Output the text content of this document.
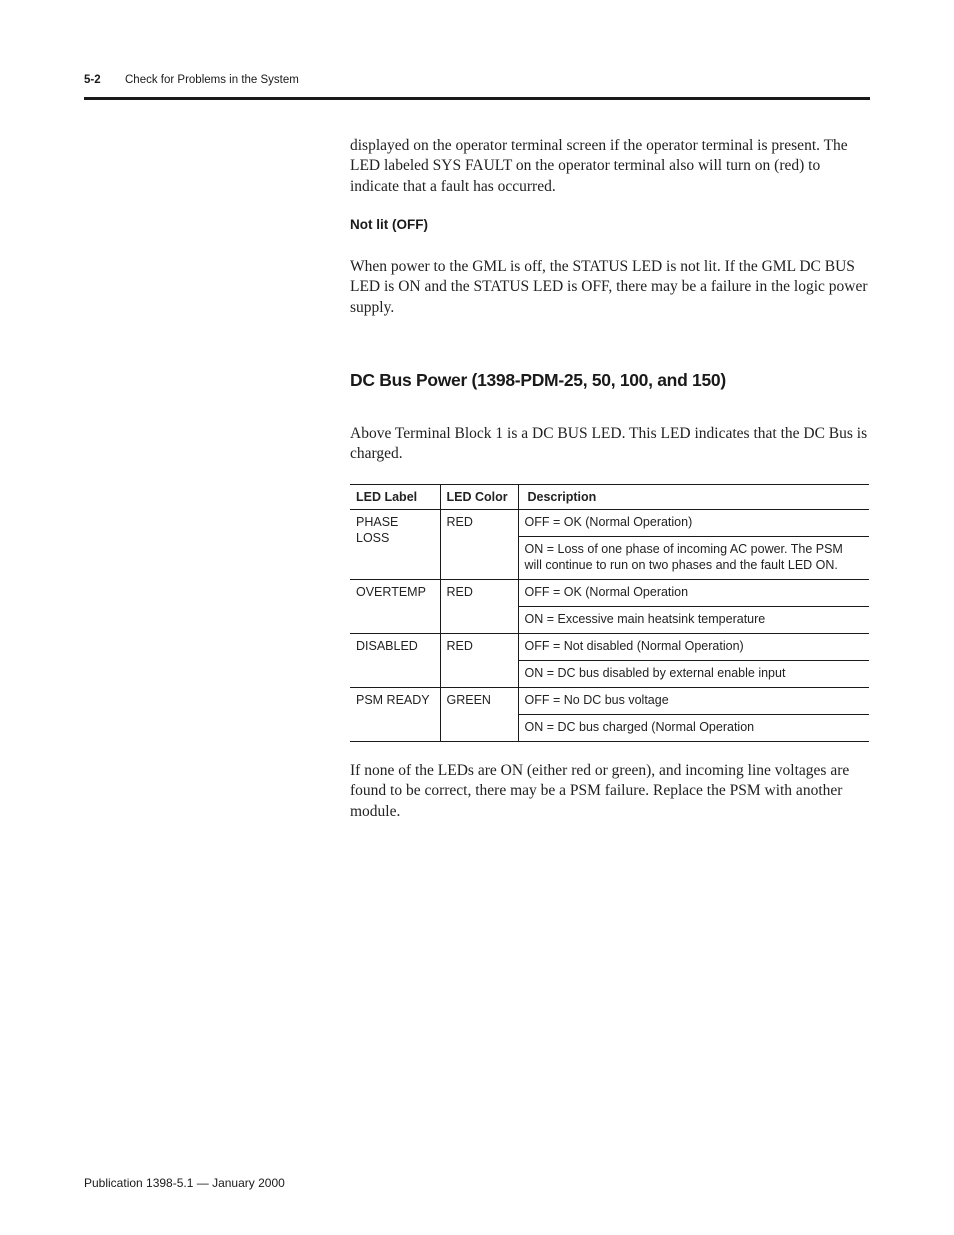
5-2 Check for Problems in the System

displayed on the operator terminal screen if the operator terminal is present. The LED labeled SYS FAULT on the operator terminal also will turn on (red) to indicate that a fault has occurred.

Not lit (OFF)

When power to the GML is off, the STATUS LED is not lit. If the GML DC BUS LED is ON and the STATUS LED is OFF, there may be a failure in the logic power supply.

DC Bus Power (1398-PDM-25, 50, 100, and 150)

Above Terminal Block 1 is a DC BUS LED. This LED indicates that the DC Bus is charged.

LED Label	LED Color	Description
PHASE LOSS	RED	OFF = OK (Normal Operation)
		ON = Loss of one phase of incoming AC power. The PSM will continue to run on two phases and the fault LED ON.
OVERTEMP	RED	OFF = OK (Normal Operation
		ON = Excessive main heatsink temperature
DISABLED	RED	OFF = Not disabled (Normal Operation)
		ON = DC bus disabled by external enable input
PSM READY	GREEN	OFF = No DC bus voltage
		ON = DC bus charged (Normal Operation

If none of the LEDs are ON (either red or green), and incoming line voltages are found to be correct, there may be a PSM failure. Replace the PSM with another module.

Publication 1398-5.1 — January 2000
